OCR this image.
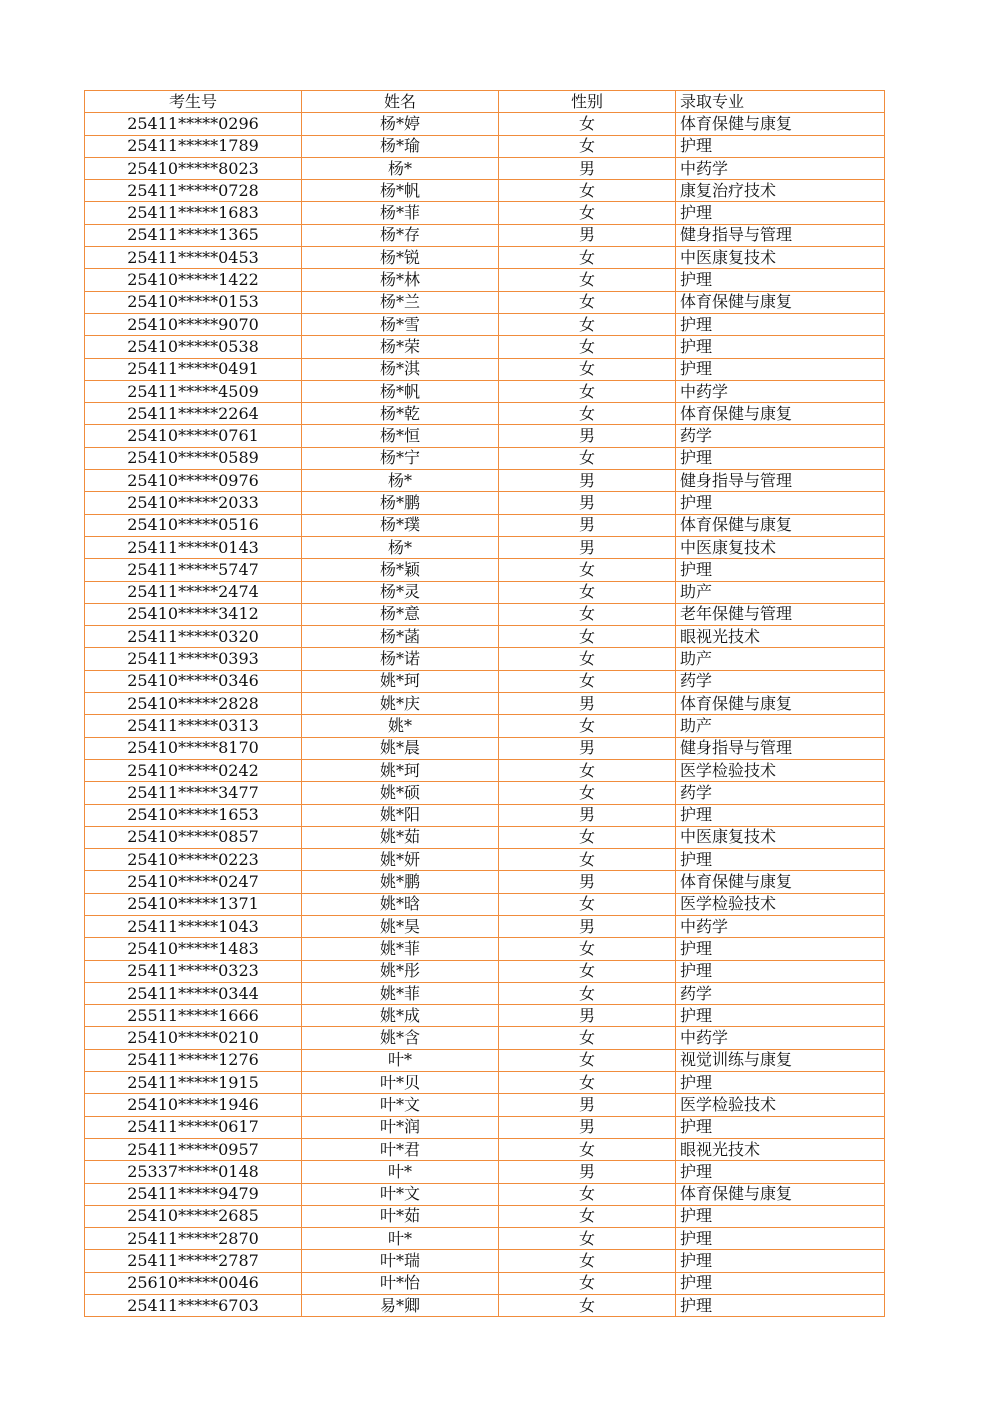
考生号	姓名	性别	录取专业
25411*****0296	杨*婷	女	体育保健与康复
25411*****1789	杨*瑜	女	护理
25410*****8023	杨*	男	中药学
25411*****0728	杨*帆	女	康复治疗技术
25411*****1683	杨*菲	女	护理
25411*****1365	杨*存	男	健身指导与管理
25411*****0453	杨*锐	女	中医康复技术
25410*****1422	杨*林	女	护理
25410*****0153	杨*兰	女	体育保健与康复
25410*****9070	杨*雪	女	护理
25410*****0538	杨*荣	女	护理
25411*****0491	杨*淇	女	护理
25411*****4509	杨*帆	女	中药学
25411*****2264	杨*乾	女	体育保健与康复
25410*****0761	杨*恒	男	药学
25410*****0589	杨*宁	女	护理
25410*****0976	杨*	男	健身指导与管理
25410*****2033	杨*鹏	男	护理
25410*****0516	杨*璞	男	体育保健与康复
25411*****0143	杨*	男	中医康复技术
25411*****5747	杨*颖	女	护理
25411*****2474	杨*灵	女	助产
25410*****3412	杨*意	女	老年保健与管理
25411*****0320	杨*菡	女	眼视光技术
25411*****0393	杨*诺	女	助产
25410*****0346	姚*珂	女	药学
25410*****2828	姚*庆	男	体育保健与康复
25411*****0313	姚*	女	助产
25410*****8170	姚*晨	男	健身指导与管理
25410*****0242	姚*珂	女	医学检验技术
25411*****3477	姚*硕	女	药学
25410*****1653	姚*阳	男	护理
25410*****0857	姚*茹	女	中医康复技术
25410*****0223	姚*妍	女	护理
25410*****0247	姚*鹏	男	体育保健与康复
25410*****1371	姚*晗	女	医学检验技术
25411*****1043	姚*昊	男	中药学
25410*****1483	姚*菲	女	护理
25411*****0323	姚*彤	女	护理
25411*****0344	姚*菲	女	药学
25511*****1666	姚*成	男	护理
25410*****0210	姚*含	女	中药学
25411*****1276	叶*	女	视觉训练与康复
25411*****1915	叶*贝	女	护理
25410*****1946	叶*文	男	医学检验技术
25411*****0617	叶*润	男	护理
25411*****0957	叶*君	女	眼视光技术
25337*****0148	叶*	男	护理
25411*****9479	叶*文	女	体育保健与康复
25410*****2685	叶*茹	女	护理
25411*****2870	叶*	女	护理
25411*****2787	叶*瑞	女	护理
25610*****0046	叶*怡	女	护理
25411*****6703	易*卿	女	护理
